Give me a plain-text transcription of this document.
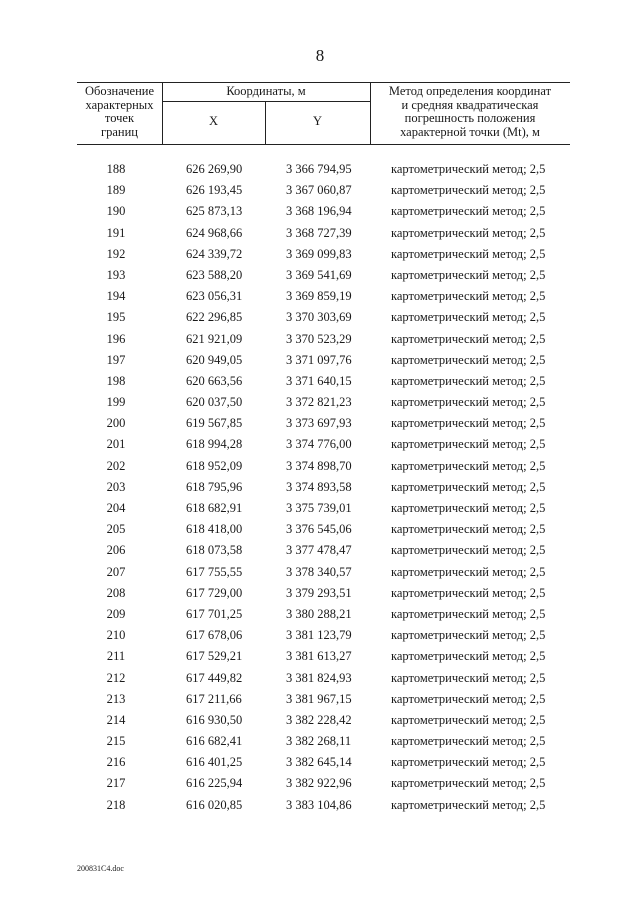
8
Обозначение
характерных
точек
границ
Координаты, м
X	Y
Метод определения координат
и средняя квадратическая
погрешность положения
характерной точки (Mt), м
188	626 269,90	3 366 794,95	картометрический метод; 2,5
189	626 193,45	3 367 060,87	картометрический метод; 2,5
190	625 873,13	3 368 196,94	картометрический метод; 2,5
191	624 968,66	3 368 727,39	картометрический метод; 2,5
192	624 339,72	3 369 099,83	картометрический метод; 2,5
193	623 588,20	3 369 541,69	картометрический метод; 2,5
194	623 056,31	3 369 859,19	картометрический метод; 2,5
195	622 296,85	3 370 303,69	картометрический метод; 2,5
196	621 921,09	3 370 523,29	картометрический метод; 2,5
197	620 949,05	3 371 097,76	картометрический метод; 2,5
198	620 663,56	3 371 640,15	картометрический метод; 2,5
199	620 037,50	3 372 821,23	картометрический метод; 2,5
200	619 567,85	3 373 697,93	картометрический метод; 2,5
201	618 994,28	3 374 776,00	картометрический метод; 2,5
202	618 952,09	3 374 898,70	картометрический метод; 2,5
203	618 795,96	3 374 893,58	картометрический метод; 2,5
204	618 682,91	3 375 739,01	картометрический метод; 2,5
205	618 418,00	3 376 545,06	картометрический метод; 2,5
206	618 073,58	3 377 478,47	картометрический метод; 2,5
207	617 755,55	3 378 340,57	картометрический метод; 2,5
208	617 729,00	3 379 293,51	картометрический метод; 2,5
209	617 701,25	3 380 288,21	картометрический метод; 2,5
210	617 678,06	3 381 123,79	картометрический метод; 2,5
211	617 529,21	3 381 613,27	картометрический метод; 2,5
212	617 449,82	3 381 824,93	картометрический метод; 2,5
213	617 211,66	3 381 967,15	картометрический метод; 2,5
214	616 930,50	3 382 228,42	картометрический метод; 2,5
215	616 682,41	3 382 268,11	картометрический метод; 2,5
216	616 401,25	3 382 645,14	картометрический метод; 2,5
217	616 225,94	3 382 922,96	картометрический метод; 2,5
218	616 020,85	3 383 104,86	картометрический метод; 2,5
200831C4.doc
